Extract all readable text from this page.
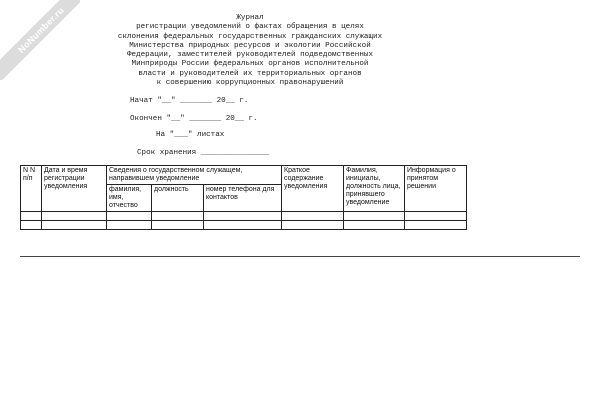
NoNumber.ru	Журнал
регистрации уведомлений о фактах обращения в целях
склонения федеральных государственных гражданских служащих
Министерства природных ресурсов и экологии Российской
Федерации, заместителей руководителей подведомственных
Минприроды России федеральных органов исполнительной
власти и руководителей их территориальных органов
к совершению коррупционных правонарушений
Начат "__" _______ 20__ г.
Окончен "__" _______ 20__ г.
На "___" листах
Срок хранения _______________
N N п/п	Дата и время регистрации уведомления	Сведения о государственном служащем, направившем уведомление			Краткое содержание уведомления	Фамилия, инициалы, должность лица, принявшего уведомление	Информация о принятом решении
		фамилия, имя, отчество	должность	номер телефона для контактов			
